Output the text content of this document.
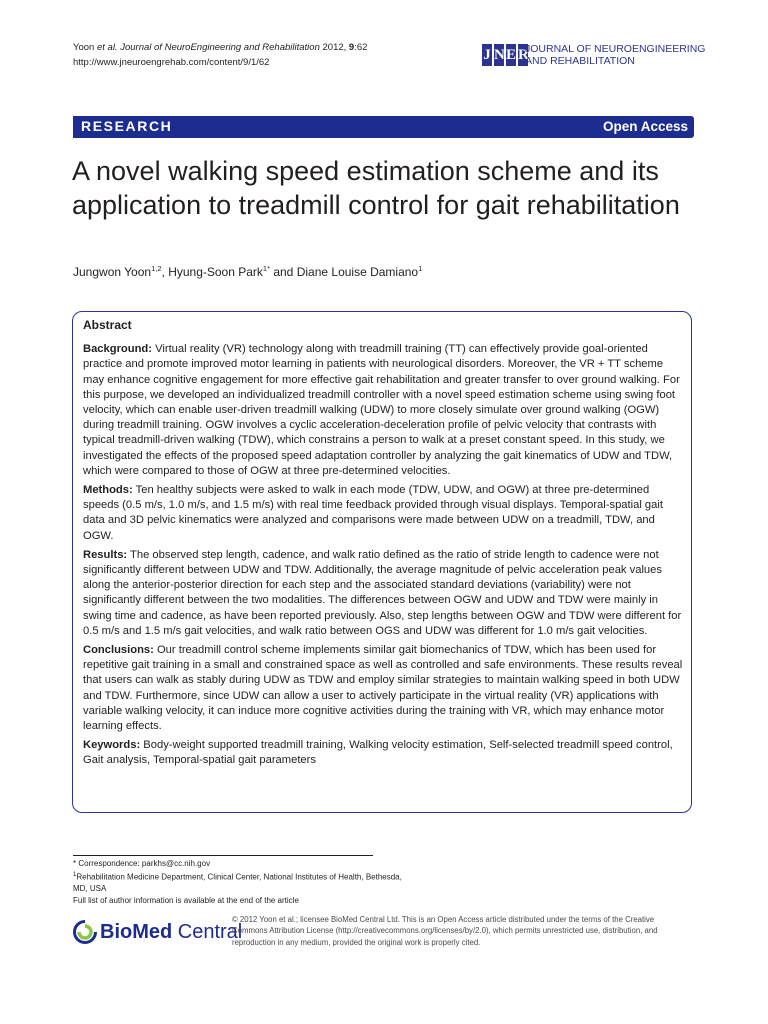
Yoon et al. Journal of NeuroEngineering and Rehabilitation 2012, 9:62
http://www.jneuroengrehab.com/content/9/1/62	J NE R
JOURNAL OF NEUROENGINEERING
AND REHABILITATION
RESEARCH	Open Access
A novel walking speed estimation scheme and its application to treadmill control for gait rehabilitation
Jungwon Yoon$^{1,2}$, Hyung-Soon Park$^{1*}$ and Diane Louise Damiano$^1$
Abstract
Background: Virtual reality (VR) technology along with treadmill training (TT) can effectively provide goal-oriented practice and promote improved motor learning in patients with neurological disorders. Moreover, the VR + TT scheme may enhance cognitive engagement for more effective gait rehabilitation and greater transfer to over ground walking. For this purpose, we developed an individualized treadmill controller with a novel speed estimation scheme using swing foot velocity, which can enable user-driven treadmill walking (UDW) to more closely simulate over ground walking (OGW) during treadmill training. OGW involves a cyclic acceleration-deceleration profile of pelvic velocity that contrasts with typical treadmill-driven walking (TDW), which constrains a person to walk at a preset constant speed. In this study, we investigated the effects of the proposed speed adaptation controller by analyzing the gait kinematics of UDW and TDW, which were compared to those of OGW at three pre-determined velocities.
Methods: Ten healthy subjects were asked to walk in each mode (TDW, UDW, and OGW) at three pre-determined speeds (0.5 m/s, 1.0 m/s, and 1.5 m/s) with real time feedback provided through visual displays. Temporal-spatial gait data and 3D pelvic kinematics were analyzed and comparisons were made between UDW on a treadmill, TDW, and OGW.
Results: The observed step length, cadence, and walk ratio defined as the ratio of stride length to cadence were not significantly different between UDW and TDW. Additionally, the average magnitude of pelvic acceleration peak values along the anterior-posterior direction for each step and the associated standard deviations (variability) were not significantly different between the two modalities. The differences between OGW and UDW and TDW were mainly in swing time and cadence, as have been reported previously. Also, step lengths between OGW and TDW were different for 0.5 m/s and 1.5 m/s gait velocities, and walk ratio between OGS and UDW was different for 1.0 m/s gait velocities.
Conclusions: Our treadmill control scheme implements similar gait biomechanics of TDW, which has been used for repetitive gait training in a small and constrained space as well as controlled and safe environments. These results reveal that users can walk as stably during UDW as TDW and employ similar strategies to maintain walking speed in both UDW and TDW. Furthermore, since UDW can allow a user to actively participate in the virtual reality (VR) applications with variable walking velocity, it can induce more cognitive activities during the training with VR, which may enhance motor learning effects.
Keywords: Body-weight supported treadmill training, Walking velocity estimation, Self-selected treadmill speed control, Gait analysis, Temporal-spatial gait parameters
* Correspondence: parkhs@cc.nih.gov
$^1$Rehabilitation Medicine Department, Clinical Center, National Institutes of Health, Bethesda, MD, USA
Full list of author information is available at the end of the article
BioMed Central
© 2012 Yoon et al.; licensee BioMed Central Ltd. This is an Open Access article distributed under the terms of the Creative Commons Attribution License (http://creativecommons.org/licenses/by/2.0), which permits unrestricted use, distribution, and reproduction in any medium, provided the original work is properly cited.
